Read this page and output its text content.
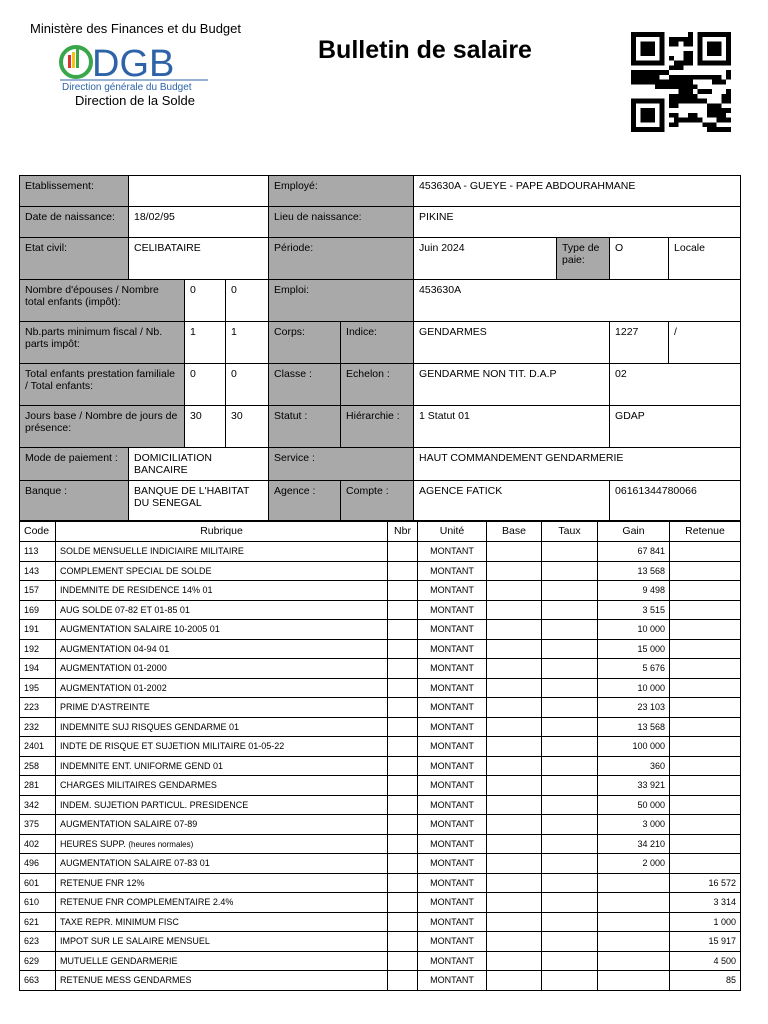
Ministère des Finances et du Budget
DGB
Direction générale du Budget
Direction de la Solde
Bulletin de salaire
Etablissement:				Employé:		453630A - GUEYE - PAPE ABDOURAHMANE			
Date de naissance:	18/02/95			Lieu de naissance:		PIKINE			
Etat civil:	CELIBATAIRE			Période:		Juin 2024	Type de paie:	O	Locale
Nombre d'épouses / Nombre total enfants (impôt):		0	0	Emploi:		453630A			
Nb.parts minimum fiscal / Nb. parts impôt:		1	1	Corps:	Indice:	GENDARMES		1227	/
Total enfants prestation familiale / Total enfants:		0	0	Classe :	Echelon :	GENDARME NON TIT. D.A.P		02	
Jours base / Nombre de jours de présence:		30	30	Statut :	Hiérarchie :	1 Statut 01		GDAP	
Mode de paiement :	DOMICILIATION BANCAIRE			Service :		HAUT COMMANDEMENT GENDARMERIE			
Banque :	BANQUE DE L'HABITAT DU SENEGAL			Agence :	Compte :	AGENCE FATICK		06161344780066	
Code	Rubrique	Nbr	Unité	Base	Taux	Gain	Retenue
113	SOLDE MENSUELLE INDICIAIRE MILITAIRE		MONTANT			67 841	
143	COMPLEMENT SPECIAL DE SOLDE		MONTANT			13 568	
157	INDEMNITE DE RESIDENCE 14% 01		MONTANT			9 498	
169	AUG SOLDE 07-82 ET 01-85 01		MONTANT			3 515	
191	AUGMENTATION SALAIRE 10-2005 01		MONTANT			10 000	
192	AUGMENTATION 04-94 01		MONTANT			15 000	
194	AUGMENTATION 01-2000		MONTANT			5 676	
195	AUGMENTATION 01-2002		MONTANT			10 000	
223	PRIME D'ASTREINTE		MONTANT			23 103	
232	INDEMNITE SUJ RISQUES GENDARME 01		MONTANT			13 568	
2401	INDTE DE RISQUE ET SUJETION MILITAIRE 01-05-22		MONTANT			100 000	
258	INDEMNITE ENT. UNIFORME GEND 01		MONTANT			360	
281	CHARGES MILITAIRES GENDARMES		MONTANT			33 921	
342	INDEM. SUJETION PARTICUL. PRESIDENCE		MONTANT			50 000	
375	AUGMENTATION SALAIRE 07-89		MONTANT			3 000	
402	HEURES SUPP. (heures normales)		MONTANT			34 210	
496	AUGMENTATION SALAIRE 07-83 01		MONTANT			2 000	
601	RETENUE FNR 12%		MONTANT				16 572
610	RETENUE FNR COMPLEMENTAIRE 2.4%		MONTANT				3 314
621	TAXE REPR. MINIMUM FISC		MONTANT				1 000
623	IMPOT SUR LE SALAIRE MENSUEL		MONTANT				15 917
629	MUTUELLE GENDARMERIE		MONTANT				4 500
663	RETENUE MESS GENDARMES		MONTANT				85
